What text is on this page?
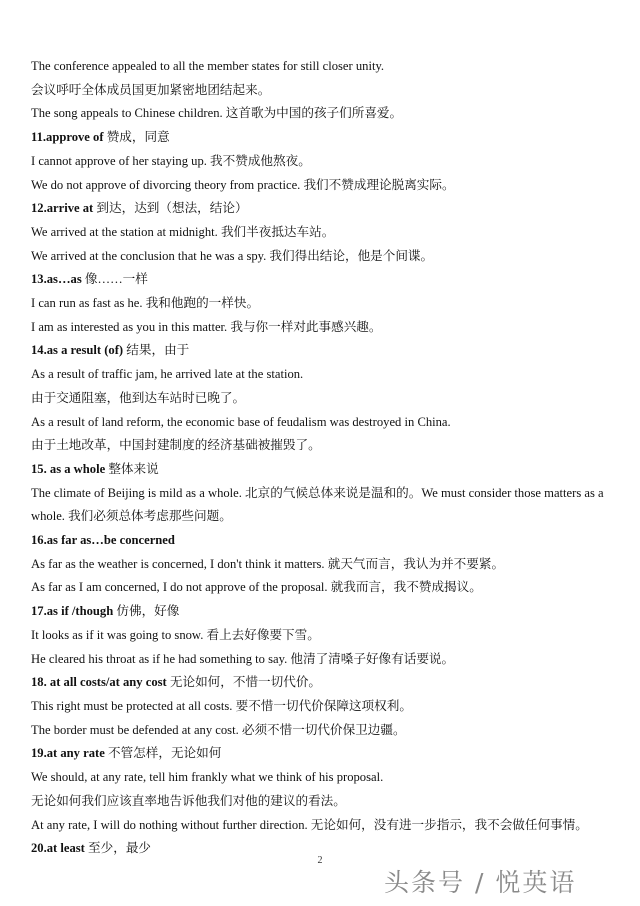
The conference appealed to all the member states for still closer unity.
会议呼吁全体成员国更加紧密地团结起来。
The song appeals to Chinese children. 这首歌为中国的孩子们所喜爱。
11.approve of 赞成，同意
I cannot approve of her staying up. 我不赞成他熬夜。
We do not approve of divorcing theory from practice. 我们不赞成理论脱离实际。
12.arrive at 到达，达到（想法，结论）
We arrived at the station at midnight. 我们半夜抵达车站。
We arrived at the conclusion that he was a spy. 我们得出结论，他是个间谍。
13.as…as 像……一样
I can run as fast as he. 我和他跑的一样快。
I am as interested as you in this matter. 我与你一样对此事感兴趣。
14.as a result (of) 结果，由于
As a result of traffic jam, he arrived late at the station.
由于交通阻塞，他到达车站时已晚了。
As a result of land reform, the economic base of feudalism was destroyed in China.
由于土地改革，中国封建制度的经济基础被摧毁了。
15. as a whole 整体来说
The climate of Beijing is mild as a whole. 北京的气候总体来说是温和的。We must consider those matters as a whole. 我们必须总体考虑那些问题。
16.as far as…be concerned
As far as the weather is concerned, I don't think it matters. 就天气而言，我认为并不要紧。
As far as I am concerned, I do not approve of the proposal. 就我而言，我不赞成揭议。
17.as if /though 仿佛，好像
It looks as if it was going to snow. 看上去好像要下雪。
He cleared his throat as if he had something to say. 他清了清嗓子好像有话要说。
18. at all costs/at any cost 无论如何，不惜一切代价。
This right must be protected at all costs. 要不惜一切代价保障这项权利。
The border must be defended at any cost. 必须不惜一切代价保卫边疆。
19.at any rate 不管怎样，无论如何
We should, at any rate, tell him frankly what we think of his proposal.
无论如何我们应该直率地告诉他我们对他的建议的看法。
At any rate, I will do nothing without further direction. 无论如何，没有进一步指示，我不会做任何事情。
20.at least 至少，最少
2
头条号 / 悦英语
